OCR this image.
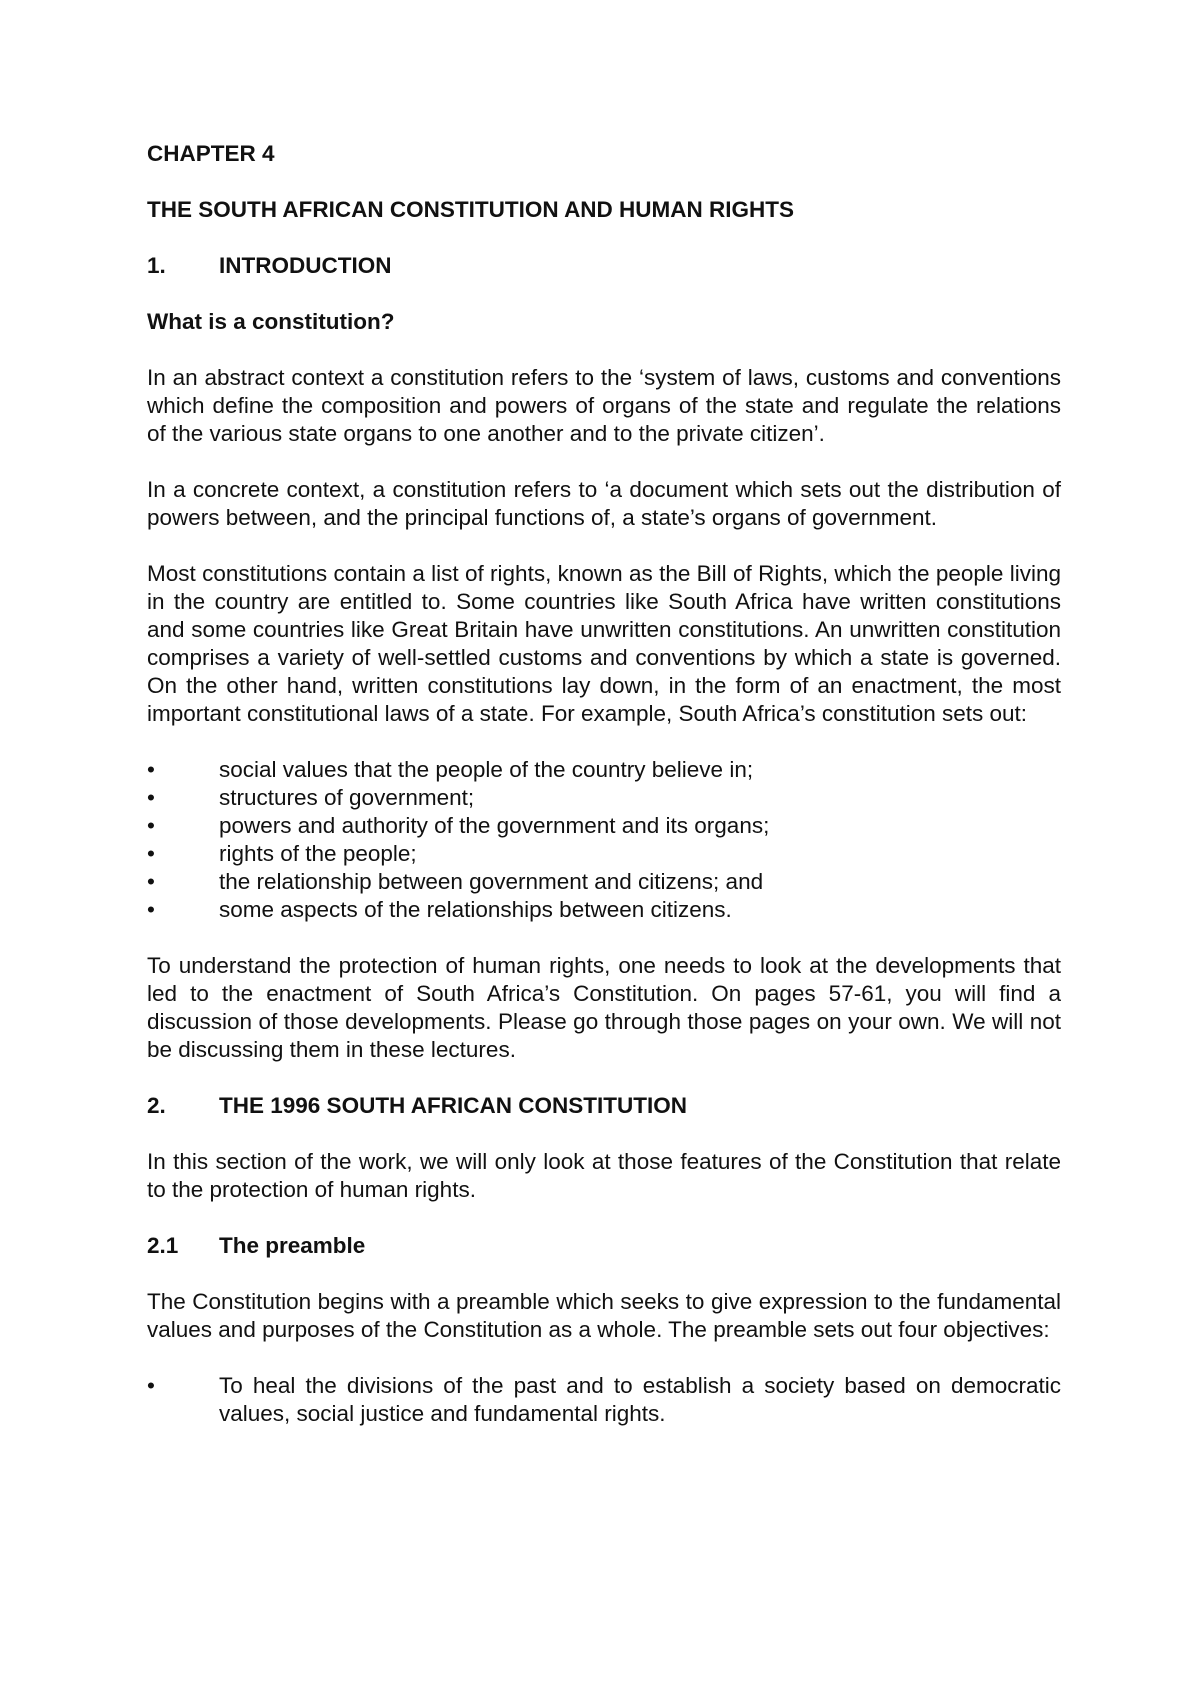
CHAPTER 4
THE SOUTH AFRICAN CONSTITUTION AND HUMAN RIGHTS
1.	INTRODUCTION
What is a constitution?

In an abstract context a constitution refers to the ‘system of laws, customs and conventions which define the composition and powers of organs of the state and regulate the relations of the various state organs to one another and to the private citizen’.

In a concrete context, a constitution refers to ‘a document which sets out the distribution of powers between, and the principal functions of, a state’s organs of government.

Most constitutions contain a list of rights, known as the Bill of Rights, which the people living in the country are entitled to. Some countries like South Africa have written constitutions and some countries like Great Britain have unwritten constitutions. An unwritten constitution comprises a variety of well-settled customs and conventions by which a state is governed. On the other hand, written constitutions lay down, in the form of an enactment, the most important constitutional laws of a state. For example, South Africa’s constitution sets out:

•	social values that the people of the country believe in;
•	structures of government;
•	powers and authority of the government and its organs;
•	rights of the people;
•	the relationship between government and citizens; and
•	some aspects of the relationships between citizens.

To understand the protection of human rights, one needs to look at the developments that led to the enactment of South Africa’s Constitution. On pages 57-61, you will find a discussion of those developments. Please go through those pages on your own. We will not be discussing them in these lectures.

2.	THE 1996 SOUTH AFRICAN CONSTITUTION

In this section of the work, we will only look at those features of the Constitution that relate to the protection of human rights.

2.1	The preamble

The Constitution begins with a preamble which seeks to give expression to the fundamental values and purposes of the Constitution as a whole. The preamble sets out four objectives:

•	To heal the divisions of the past and to establish a society based on democratic values, social justice and fundamental rights.
